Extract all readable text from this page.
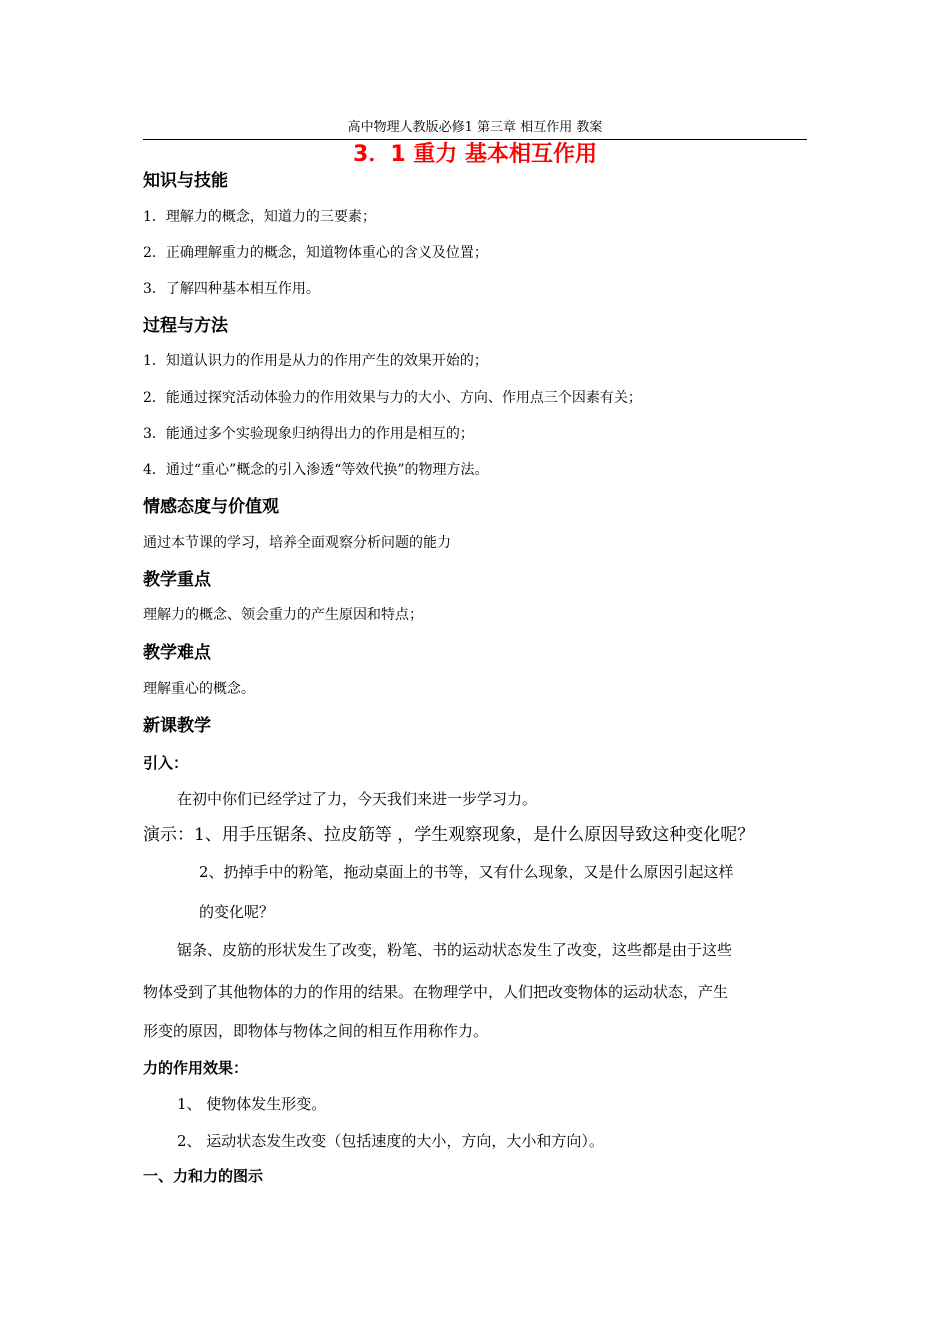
高中物理人教版必修1 第三章 相互作用 教案
3．1 重力 基本相互作用
知识与技能
1．理解力的概念，知道力的三要素；
2．正确理解重力的概念，知道物体重心的含义及位置；
3．了解四种基本相互作用。
过程与方法
1．知道认识力的作用是从力的作用产生的效果开始的；
2．能通过探究活动体验力的作用效果与力的大小、方向、作用点三个因素有关；
3．能通过多个实验现象归纳得出力的作用是相互的；
4．通过“重心”概念的引入渗透“等效代换”的物理方法。
情感态度与价值观
通过本节课的学习，培养全面观察分析问题的能力
教学重点
理解力的概念、领会重力的产生原因和特点；
教学难点
理解重心的概念。
新课教学
引入：
在初中你们已经学过了力，今天我们来进一步学习力。
演示：1、用手压锯条、拉皮筋等 ，学生观察现象，是什么原因导致这种变化呢？
2、扔掉手中的粉笔，拖动桌面上的书等，又有什么现象，又是什么原因引起这样
的变化呢？
锯条、皮筋的形状发生了改变，粉笔、书的运动状态发生了改变，这些都是由于这些
物体受到了其他物体的力的作用的结果。在物理学中，人们把改变物体的运动状态，产生
形变的原因，即物体与物体之间的相互作用称作力。
力的作用效果：
1、 使物体发生形变。
2、 运动状态发生改变（包括速度的大小，方向，大小和方向）。
一、力和力的图示
